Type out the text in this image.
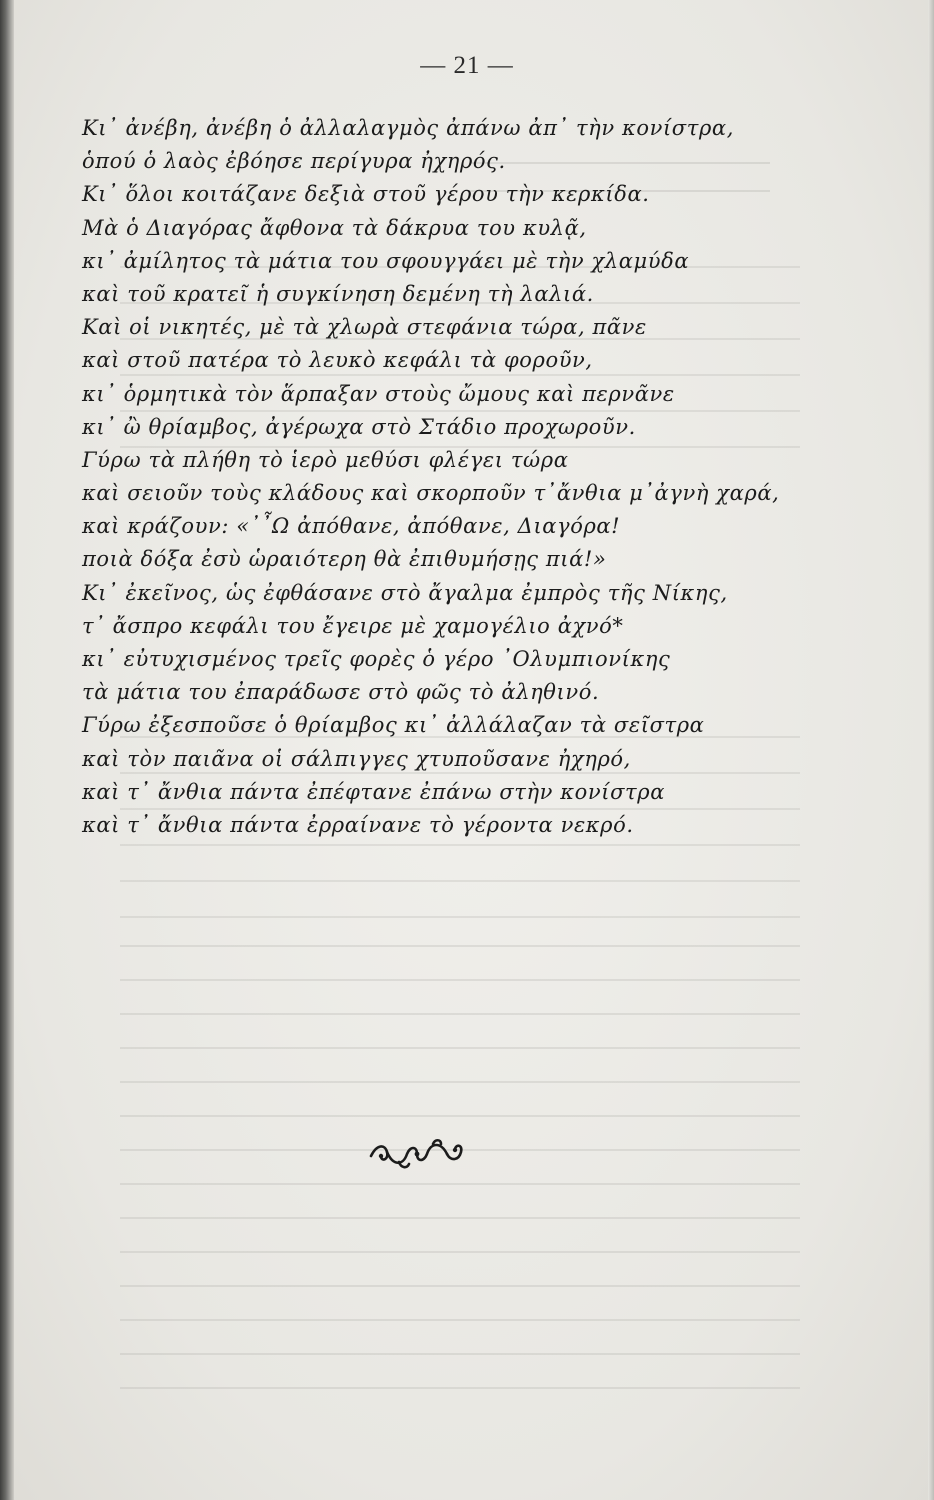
— 21 —
Κι᾽ ἀνέβη, ἀνέβη ὁ ἀλλαλαγμὸς ἀπάνω ἀπ᾽ τὴν κονίστρα,
ὁπού ὁ λαὸς ἐβόησε περίγυρα ἠχηρός.
Κι᾽ ὅλοι κοιτάζανε δεξιὰ στοῦ γέρου τὴν κερκίδα.
Μὰ ὁ Διαγόρας ἄφθονα τὰ δάκρυα του κυλᾷ,
κι᾽ ἀμίλητος τὰ μάτια του σφουγγάει μὲ τὴν χλαμύδα
καὶ τοῦ κρατεῖ ἡ συγκίνηση δεμένη τὴ λαλιά.
Καὶ οἱ νικητές, μὲ τὰ χλωρὰ στεφάνια τώρα, πᾶνε
καὶ στοῦ πατέρα τὸ λευκὸ κεφάλι τὰ φοροῦν,
κι᾽ ὁρμητικὰ τὸν ἅρπαξαν στοὺς ὤμους καὶ περνᾶνε
κι᾽ ὢ θρίαμβος, ἀγέρωχα στὸ Στάδιο προχωροῦν.
Γύρω τὰ πλήθη τὸ ἱερὸ μεθύσι φλέγει τώρα
καὶ σειοῦν τοὺς κλάδους καὶ σκορποῦν τ᾽ἄνθια μ᾽ἀγνὴ χαρά,
καὶ κράζουν: «᾿῏Ω ἀπόθανε, ἀπόθανε, Διαγόρα!
ποιὰ δόξα ἐσὺ ὡραιότερη θὰ ἐπιθυμήσῃς πιά!»
Κι᾽ ἐκεῖνος, ὡς ἐφθάσανε στὸ ἄγαλμα ἐμπρὸς τῆς Νίκης,
τ᾽ ἄσπρο κεφάλι του ἔγειρε μὲ χαμογέλιο ἀχνό*
κι᾽ εὐτυχισμένος τρεῖς φορὲς ὁ γέρο ᾽Ολυμπιονίκης
τὰ μάτια του ἐπαράδωσε στὸ φῶς τὸ ἀληθινό.
Γύρω ἐξεσποῦσε ὁ θρίαμβος κι᾽ ἀλλάλαζαν τὰ σεῖστρα
καὶ τὸν παιᾶνα οἱ σάλπιγγες χτυποῦσανε ἠχηρό,
καὶ τ᾽ ἄνθια πάντα ἐπέφτανε ἐπάνω στὴν κονίστρα
καὶ τ᾽ ἄνθια πάντα ἐρραίνανε τὸ γέροντα νεκρό.
